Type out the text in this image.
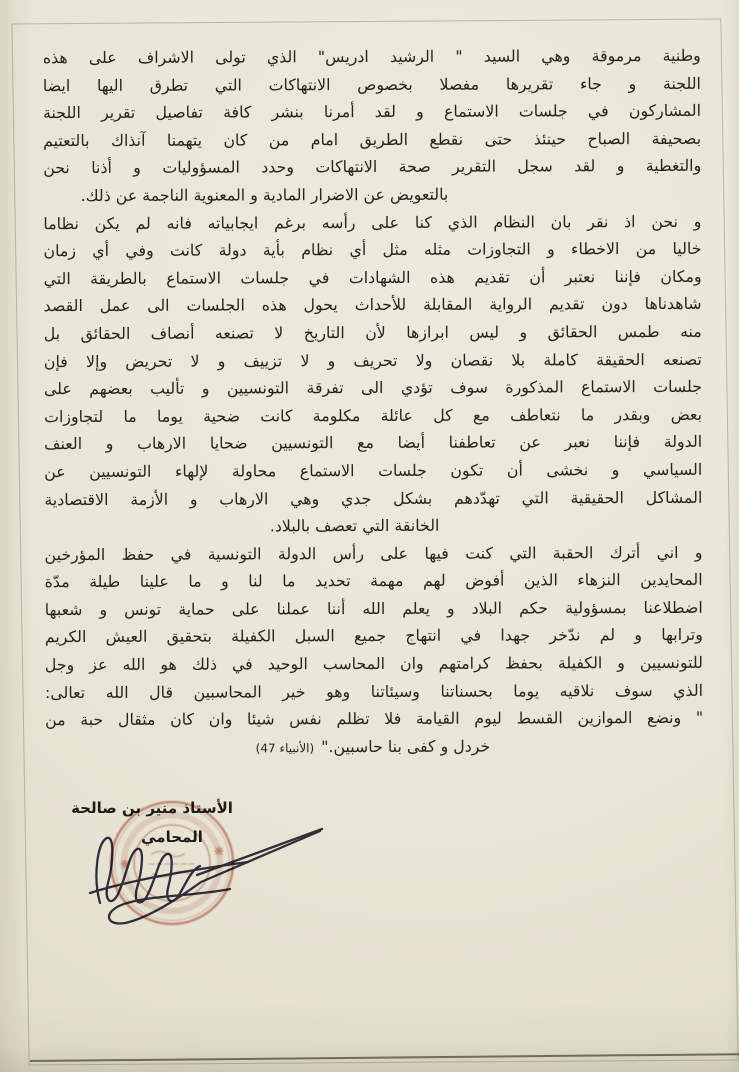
وطنية مرموقة وهي السيد " الرشيد ادريس" الذي تولى الاشراف على هذه
اللجنة و جاء تقريرها مفصلا بخصوص الانتهاكات التي تطرق اليها ايضا
المشاركون في جلسات الاستماع و لقد أمرنا بنشر كافة تفاصيل تقرير اللجنة
بصحيفة الصباح حينئذ حتى نقطع الطريق امام من كان يتهمنا آنذاك بالتعتيم
والتغطية و لقد سجل التقرير صحة الانتهاكات وحدد المسؤوليات و أذنا نحن
بالتعويض عن الاضرار المادية و المعنوية الناجمة عن ذلك.
و نحن اذ نقر بان النظام الذي كنا على رأسه برغم ايجابياته فانه لم يكن نظاما
خاليا من الاخطاء و التجاوزات مثله مثل أي نظام بأية دولة كانت وفي أي زمان
ومكان فإننا نعتبر أن تقديم هذه الشهادات في جلسات الاستماع بالطريقة التي
شاهدناها دون تقديم الرواية المقابلة للأحداث يحول هذه الجلسات الى عمل القصد
منه طمس الحقائق و ليس ابرازها لأن التاريخ لا تصنعه أنصاف الحقائق بل
تصنعه الحقيقة كاملة بلا نقصان ولا تحريف و لا تزييف و لا تحريض وإلا فإن
جلسات الاستماع المذكورة سوف تؤدي الى تفرقة التونسيين و تأليب بعضهم على
بعض وبقدر ما نتعاطف مع كل عائلة مكلومة كانت ضحية يوما ما لتجاوزات
الدولة فإننا نعبر عن تعاطفنا أيضا مع التونسيين ضحايا الارهاب و العنف
السياسي و نخشى أن تكون جلسات الاستماع محاولة لإلهاء التونسيين عن
المشاكل الحقيقية التي تهدّدهم بشكل جدي وهي الارهاب و الأزمة الاقتصادية
الخانقة التي تعصف بالبلاد.
و اني أترك الحقبة التي كنت فيها على رأس الدولة التونسية في حفظ المؤرخين
المحايدين النزهاء الذين أفوض لهم مهمة تحديد ما لنا و ما علينا طيلة مدّة
اضطلاعنا بمسؤولية حكم البلاد و يعلم الله أننا عملنا على حماية تونس و شعبها
وترابها و لم ندّخر جهدا في انتهاج جميع السبل الكفيلة بتحقيق العيش الكريم
للتونسيين و الكفيلة بحفظ كرامتهم وان المحاسب الوحيد في ذلك هو الله عز وجل
الذي سوف نلاقيه يوما بحسناتنا وسيئاتنا وهو خير المحاسبين قال الله تعالى:
" ونضع الموازين القسط ليوم القيامة فلا تظلم نفس شيئا وان كان مثقال حبة من
خردل و كفى بنا حاسبين."(الأنبياء 47)
الأستاذ منير بن صالحة
المحامي
